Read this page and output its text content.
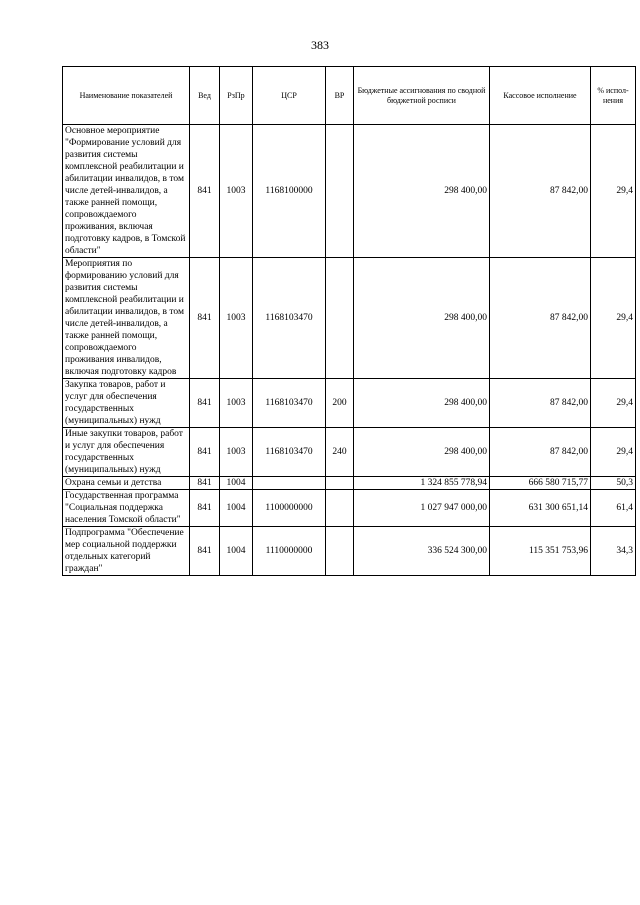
383
Наименование показателей	Вед	РзПр	ЦСР	ВР	Бюджетные ассигнования по сводной бюджетной росписи	Кассовое исполнение	% испол-нения
Основное мероприятие "Формирование условий для развития системы комплексной реабилитации и абилитации инвалидов, в том числе детей-инвалидов, а также ранней помощи, сопровождаемого проживания, включая подготовку кадров, в Томской области"	841	1003	1168100000		298 400,00	87 842,00	29,4
Мероприятия по формированию условий для развития системы комплексной реабилитации и абилитации инвалидов, в том числе детей-инвалидов, а также ранней помощи, сопровождаемого проживания инвалидов, включая подготовку кадров	841	1003	1168103470		298 400,00	87 842,00	29,4
Закупка товаров, работ и услуг для обеспечения государственных (муниципальных) нужд	841	1003	1168103470	200	298 400,00	87 842,00	29,4
Иные закупки товаров, работ и услуг для обеспечения государственных (муниципальных) нужд	841	1003	1168103470	240	298 400,00	87 842,00	29,4
Охрана семьи и детства	841	1004			1 324 855 778,94	666 580 715,77	50,3
Государственная программа "Социальная поддержка населения Томской области"	841	1004	1100000000		1 027 947 000,00	631 300 651,14	61,4
Подпрограмма "Обеспечение мер социальной поддержки отдельных категорий граждан"	841	1004	1110000000		336 524 300,00	115 351 753,96	34,3
